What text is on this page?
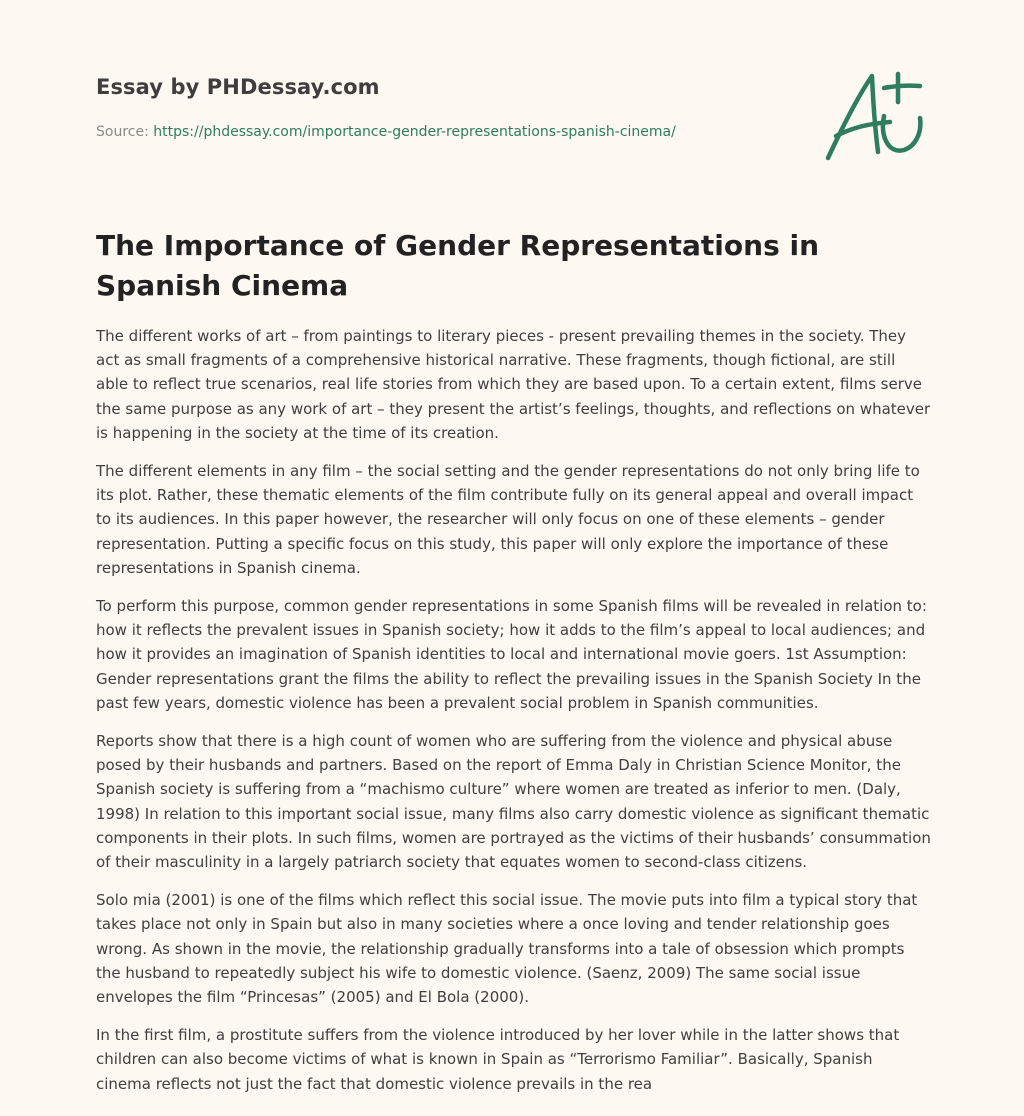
Essay by PHDessay.com
Source: https://phdessay.com/importance-gender-representations-spanish-cinema/
The Importance of Gender Representations in Spanish Cinema

The different works of art – from paintings to literary pieces - present prevailing themes in the society. They act as small fragments of a comprehensive historical narrative. These fragments, though fictional, are still able to reflect true scenarios, real life stories from which they are based upon. To a certain extent, films serve the same purpose as any work of art – they present the artist’s feelings, thoughts, and reflections on whatever is happening in the society at the time of its creation.

The different elements in any film – the social setting and the gender representations do not only bring life to its plot. Rather, these thematic elements of the film contribute fully on its general appeal and overall impact to its audiences. In this paper however, the researcher will only focus on one of these elements – gender representation. Putting a specific focus on this study, this paper will only explore the importance of these representations in Spanish cinema.

To perform this purpose, common gender representations in some Spanish films will be revealed in relation to: how it reflects the prevalent issues in Spanish society; how it adds to the film’s appeal to local audiences; and how it provides an imagination of Spanish identities to local and international movie goers. 1st Assumption: Gender representations grant the films the ability to reflect the prevailing issues in the Spanish Society In the past few years, domestic violence has been a prevalent social problem in Spanish communities.

Reports show that there is a high count of women who are suffering from the violence and physical abuse posed by their husbands and partners. Based on the report of Emma Daly in Christian Science Monitor, the Spanish society is suffering from a “machismo culture” where women are treated as inferior to men. (Daly, 1998) In relation to this important social issue, many films also carry domestic violence as significant thematic components in their plots. In such films, women are portrayed as the victims of their husbands’ consummation of their masculinity in a largely patriarch society that equates women to second-class citizens.

Solo mia (2001) is one of the films which reflect this social issue. The movie puts into film a typical story that takes place not only in Spain but also in many societies where a once loving and tender relationship goes wrong. As shown in the movie, the relationship gradually transforms into a tale of obsession which prompts the husband to repeatedly subject his wife to domestic violence. (Saenz, 2009) The same social issue envelopes the film “Princesas” (2005) and El Bola (2000).

In the first film, a prostitute suffers from the violence introduced by her lover while in the latter shows that children can also become victims of what is known in Spain as “Terrorismo Familiar”. Basically, Spanish cinema reflects not just the fact that domestic violence prevails in the rea
